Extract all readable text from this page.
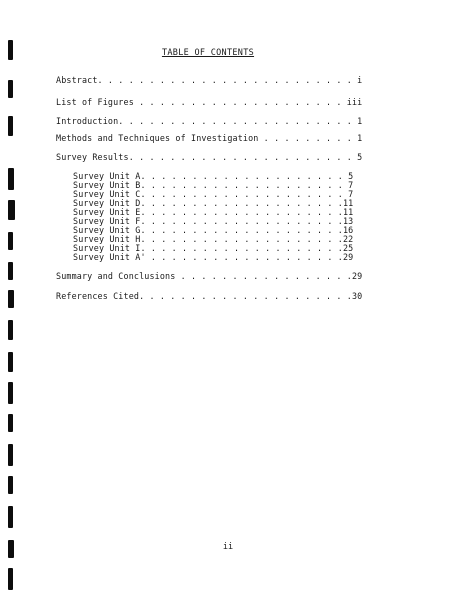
TABLE OF CONTENTS
Abstract. . . . . . . . . . . . . . . . . . . . . . . . . i
List of Figures . . . . . . . . . . . . . . . . . . . . iii
Introduction. . . . . . . . . . . . . . . . . . . . . . . 1
Methods and Techniques of Investigation . . . . . . . . . 1
Survey Results. . . . . . . . . . . . . . . . . . . . . . 5
Survey Unit A. . . . . . . . . . . . . . . . . . . . 5
Survey Unit B. . . . . . . . . . . . . . . . . . . . 7
Survey Unit C. . . . . . . . . . . . . . . . . . . . 7
Survey Unit D. . . . . . . . . . . . . . . . . . . .11
Survey Unit E. . . . . . . . . . . . . . . . . . . .11
Survey Unit F. . . . . . . . . . . . . . . . . . . .13
Survey Unit G. . . . . . . . . . . . . . . . . . . .16
Survey Unit H. . . . . . . . . . . . . . . . . . . .22
Survey Unit I. . . . . . . . . . . . . . . . . . . .25
Survey Unit A' . . . . . . . . . . . . . . . . . . .29
Summary and Conclusions . . . . . . . . . . . . . . . . .29
References Cited. . . . . . . . . . . . . . . . . . . . .30
ii
